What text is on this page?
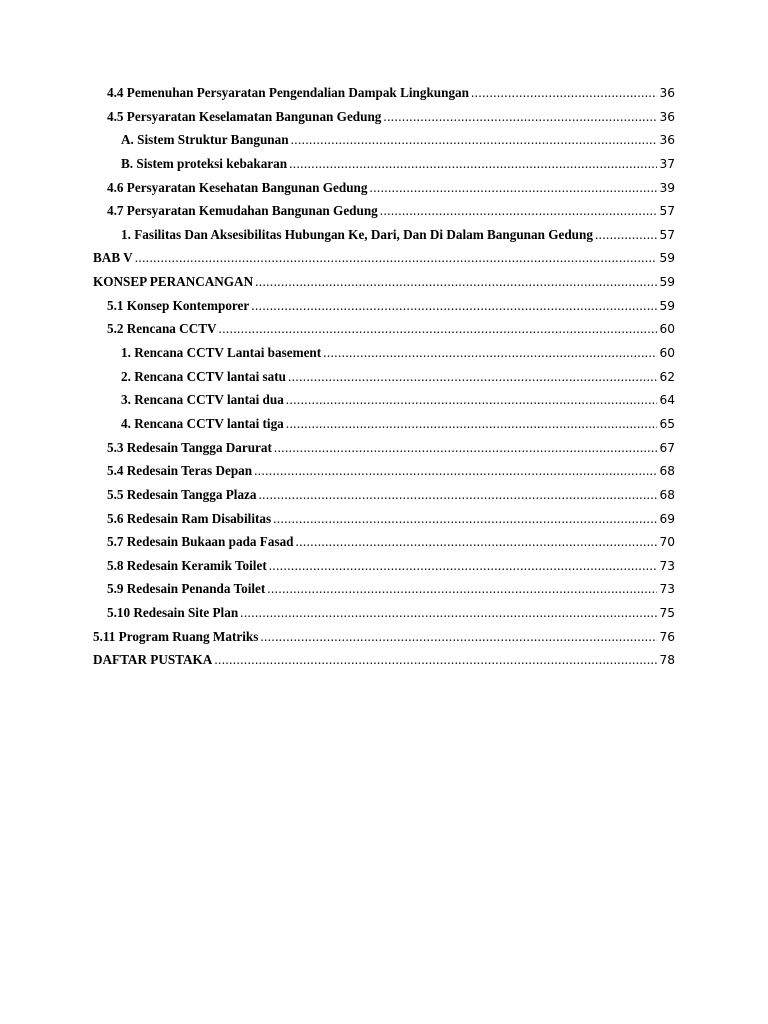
4.4 Pemenuhan Persyaratan Pengendalian Dampak Lingkungan .....	36
4.5 Persyaratan Keselamatan Bangunan Gedung .....	36
A. Sistem Struktur Bangunan .....	36
B. Sistem proteksi kebakaran .....	37
4.6 Persyaratan Kesehatan Bangunan Gedung .....	39
4.7 Persyaratan Kemudahan Bangunan Gedung .....	57
1. Fasilitas Dan Aksesibilitas Hubungan Ke, Dari, Dan Di Dalam Bangunan Gedung .....	57
BAB V .....	59
KONSEP PERANCANGAN .....	59
5.1 Konsep Kontemporer .....	59
5.2 Rencana CCTV .....	60
1. Rencana CCTV Lantai basement .....	60
2. Rencana CCTV lantai satu .....	62
3. Rencana CCTV lantai dua .....	64
4. Rencana CCTV lantai tiga .....	65
5.3 Redesain Tangga Darurat .....	67
5.4 Redesain Teras Depan .....	68
5.5 Redesain Tangga Plaza .....	68
5.6 Redesain Ram Disabilitas .....	69
5.7 Redesain Bukaan pada Fasad .....	70
5.8 Redesain Keramik Toilet .....	73
5.9 Redesain Penanda Toilet .....	73
5.10 Redesain Site Plan .....	75
5.11 Program Ruang Matriks .....	76
DAFTAR PUSTAKA .....	78
